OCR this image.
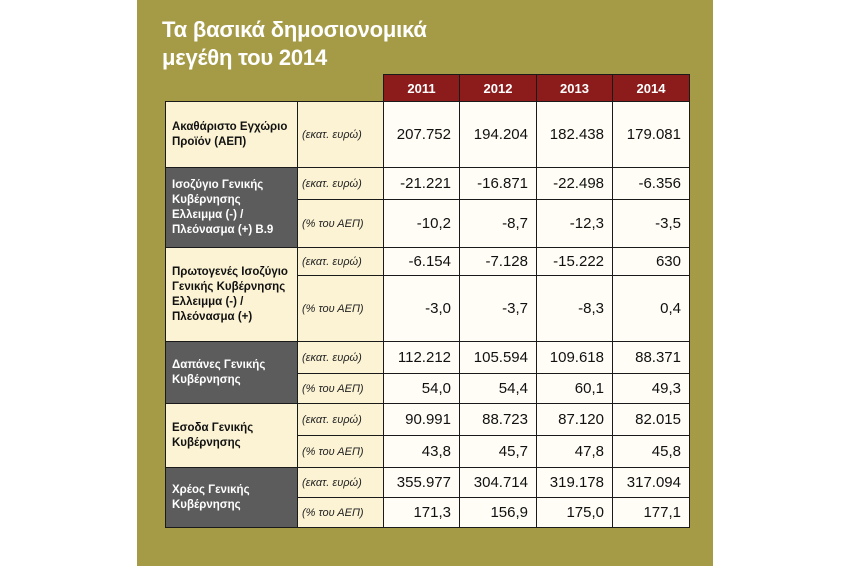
Τα βασικά δημοσιονομικά
μεγέθη του 2014
		2011	2012	2013	2014
Ακαθάριστο Εγχώριο Προϊόν (ΑΕΠ)	(εκατ. ευρώ)	207.752	194.204	182.438	179.081
Ισοζύγιο Γενικής Κυβέρνησης Ελλειμμα (-) / Πλεόνασμα (+) Β.9	(εκατ. ευρώ)	-21.221	-16.871	-22.498	-6.356
	(% του ΑΕΠ)	-10,2	-8,7	-12,3	-3,5
Πρωτογενές Ισοζύγιο Γενικής Κυβέρνησης Ελλειμμα (-) / Πλεόνασμα (+)	(εκατ. ευρώ)	-6.154	-7.128	-15.222	630
	(% του ΑΕΠ)	-3,0	-3,7	-8,3	0,4
Δαπάνες Γενικής Κυβέρνησης	(εκατ. ευρώ)	112.212	105.594	109.618	88.371
	(% του ΑΕΠ)	54,0	54,4	60,1	49,3
Εσοδα Γενικής Κυβέρνησης	(εκατ. ευρώ)	90.991	88.723	87.120	82.015
	(% του ΑΕΠ)	43,8	45,7	47,8	45,8
Χρέος Γενικής Κυβέρνησης	(εκατ. ευρώ)	355.977	304.714	319.178	317.094
	(% του ΑΕΠ)	171,3	156,9	175,0	177,1
